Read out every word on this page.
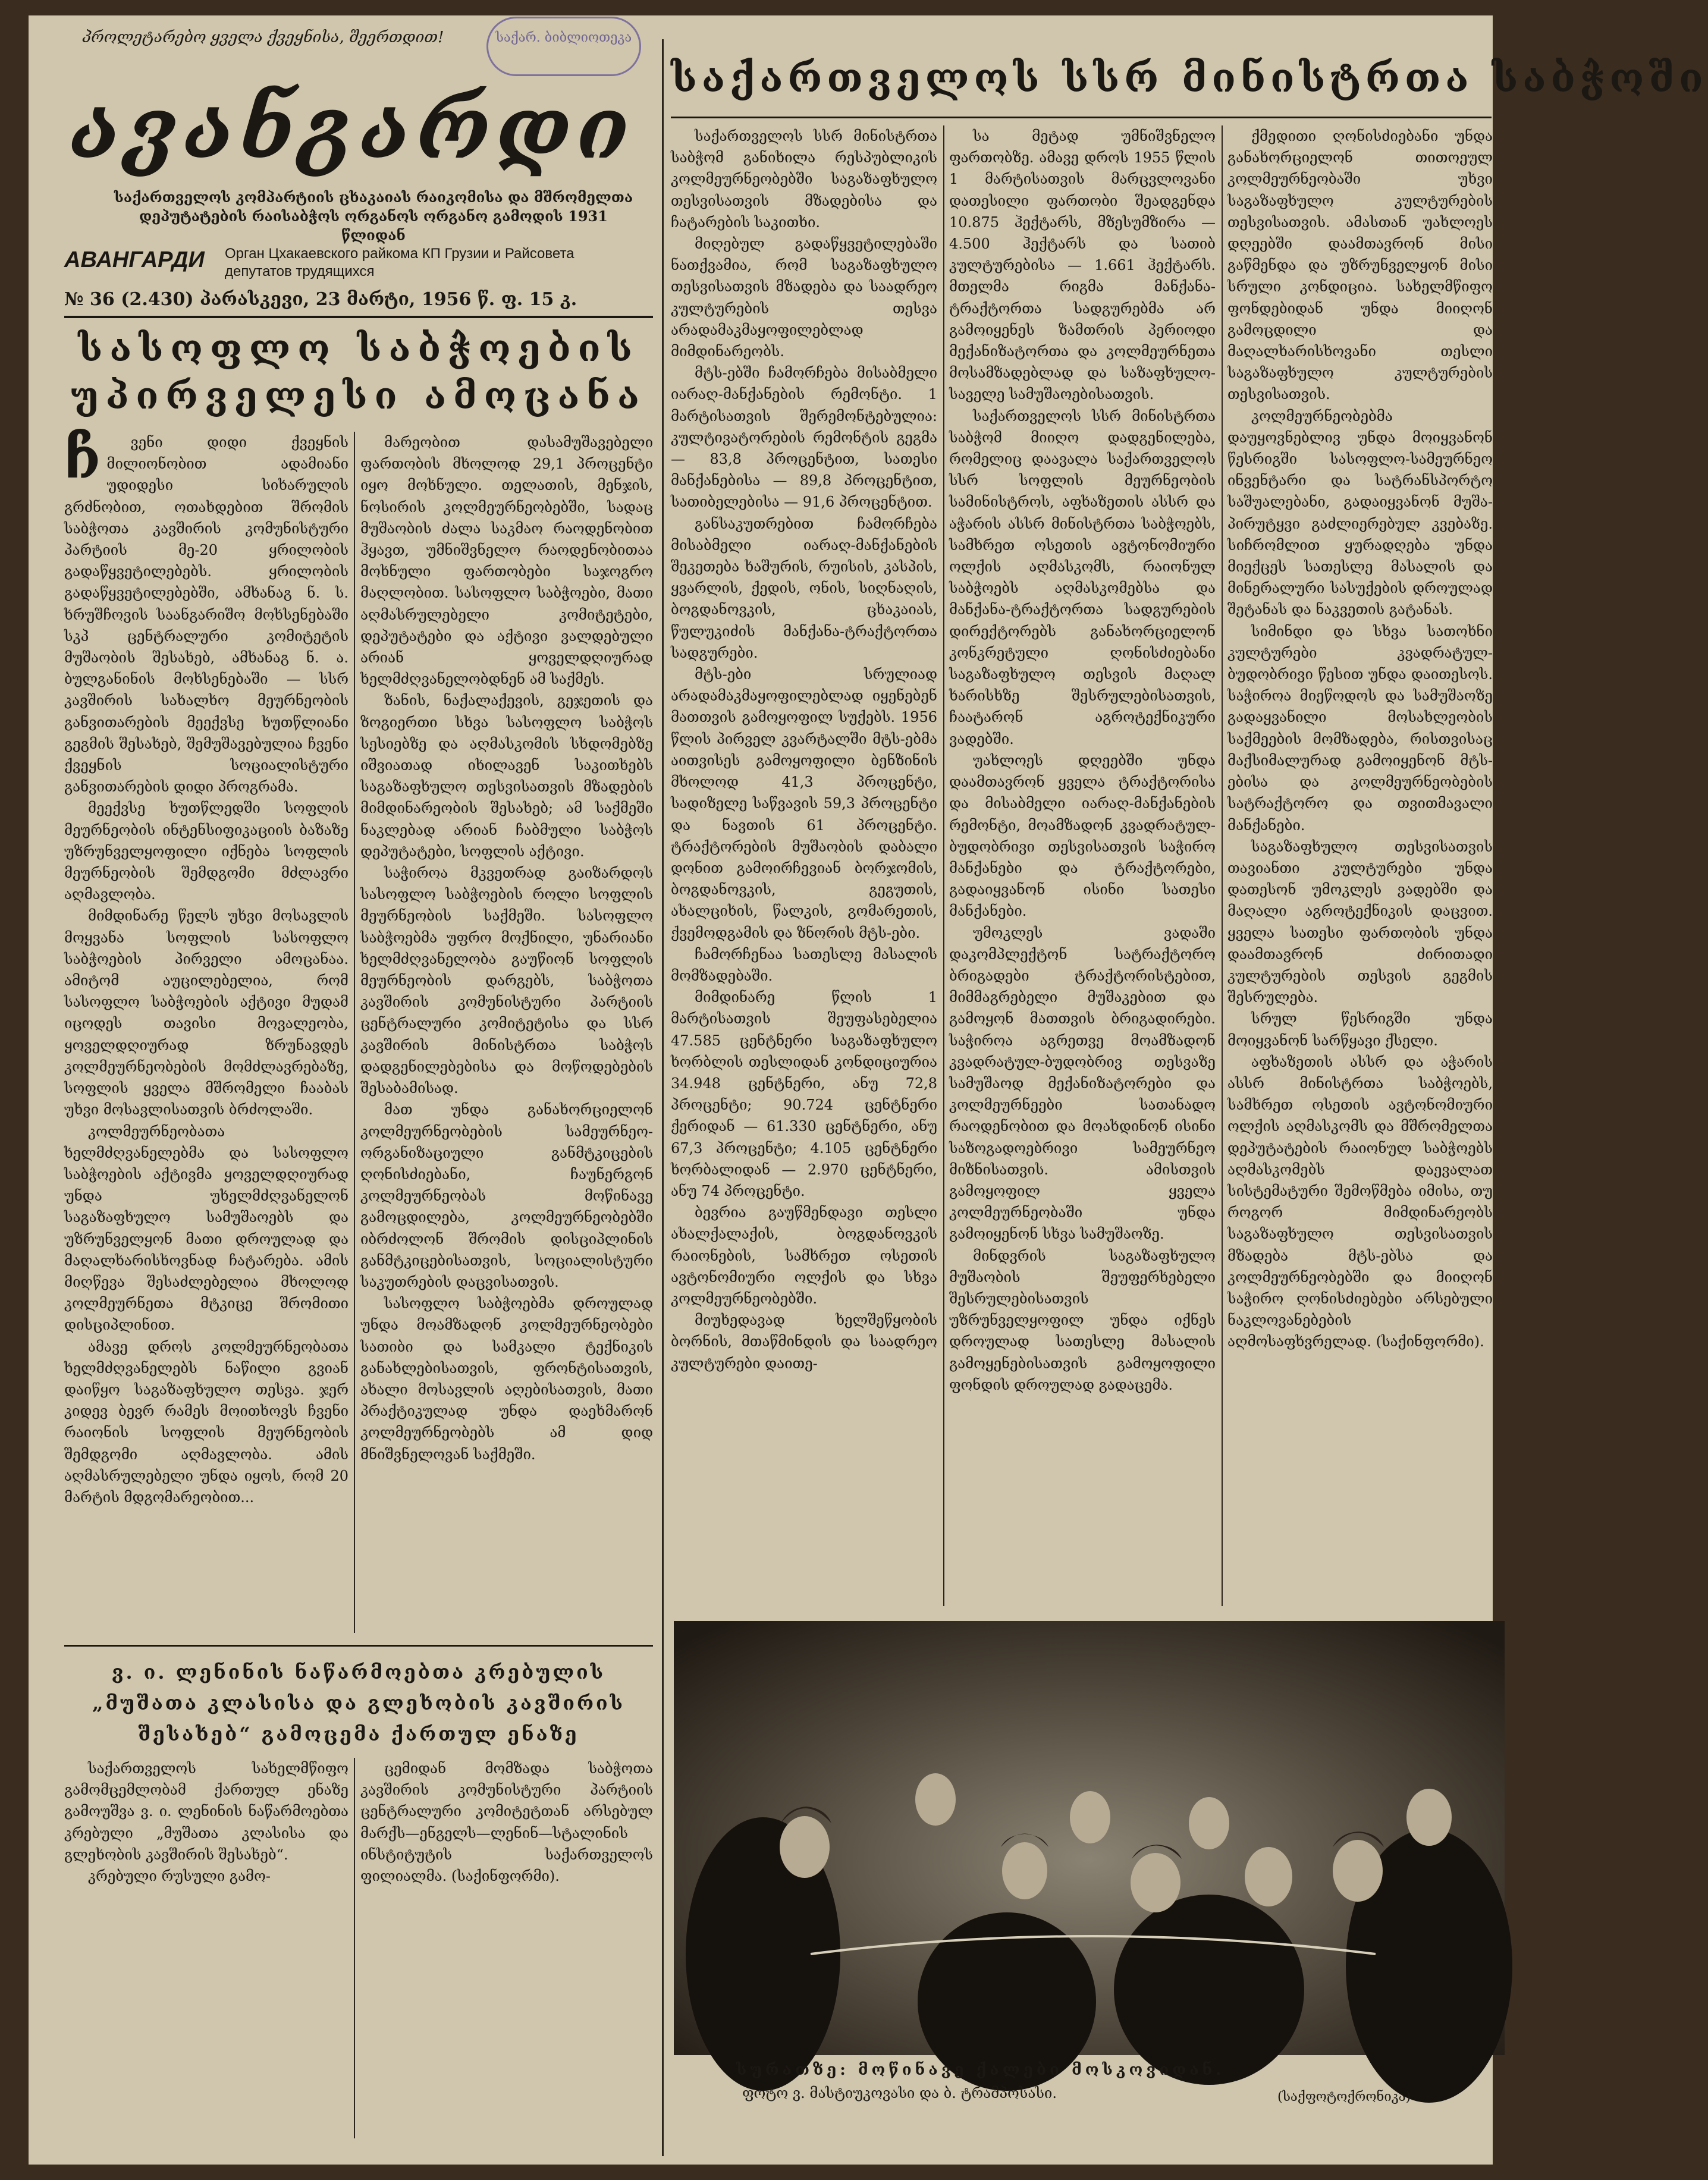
პროლეტარებო ყველა ქვეყნისა, შეერთდით!	საქარ. ბიბლიოთეკა
ავანგარდი
საქართველოს კომპარტიის ცხაკაიას რაიკომისა და მშრომელთა დეპუტატების რაისაბჭოს ორგანოს ორგანო გამოდის 1931 წლიდან
АВАНГАРДИ Орган Цхакаевского райкома КП Грузии и Райсовета депутатов трудящихся
№ 36 (2.430) პარასკევი, 23 მარტი, 1956 წ. ფ. 15 კ.
სასოფლო საბჭოების უპირველესი ამოცანა
ჩ	ვენი დიდი ქვეყნის მილიონობით ადამიანი უდიდესი სიხარულის გრძნობით, ოთახდებით შრომის საბჭოთა კავშირის კომუნისტური პარტიის მე-20 ყრილობის გადაწყვეტილებებს. ყრილობის გადაწყვეტილებებში, ამხანაგ ნ. ს. ხრუშჩოვის საანგარიშო მოხსენებაში სკპ ცენტრალური კომიტეტის მუშაობის შესახებ, ამხანაგ ნ. ა. ბულგანინის მოხსენებაში — სსრ კავშირის სახალხო მეურნეობის განვითარების მეექვსე ხუთწლიანი გეგმის შესახებ, შემუშავებულია ჩვენი ქვეყნის სოციალისტური განვითარების დიდი პროგრამა.

მეექვსე ხუთწლედში სოფლის მეურნეობის ინტენსიფიკაციის ბაზაზე უზრუნველყოფილი იქნება სოფლის მეურნეობის შემდგომი მძლავრი აღმავლობა.

მიმდინარე წელს უხვი მოსავლის მოყვანა სოფლის სასოფლო საბჭოების პირველი ამოცანაა. ამიტომ აუცილებელია, რომ სასოფლო საბჭოების აქტივი მუდამ იცოდეს თავისი მოვალეობა, ყოველდღიურად ზრუნავდეს კოლმეურნეობების მომძლავრებაზე, სოფლის ყველა მშრომელი ჩააბას უხვი მოსავლისათვის ბრძოლაში.

კოლმეურნეობათა ხელმძღვანელებმა და სასოფლო საბჭოების აქტივმა ყოველდღიურად უნდა უხელმძღვანელონ საგაზაფხულო სამუშაოებს და უზრუნველყონ მათი დროულად და მაღალხარისხოვნად ჩატარება. ამის მიღწევა შესაძლებელია მხოლოდ კოლმეურნეთა მტკიცე შრომითი დისციპლინით.

ამავე დროს კოლმეურნეობათა ხელმძღვანელებს ნაწილი გვიან დაიწყო საგაზაფხულო თესვა. ჯერ კიდევ ბევრ რამეს მოითხოვს ჩვენი რაიონის სოფლის მეურნეობის შემდგომი აღმავლობა. ამის აღმასრულებელი უნდა იყოს, რომ 20 მარტის მდგომარეობით...

მარეობით დასამუშავებელი ფართობის მხოლოდ 29,1 პროცენტი იყო მოხნული. თელათის, მენჯის, ნოსირის კოლმეურნეობებში, სადაც მუშაობის ძალა საკმაო რაოდენობით ჰყავთ, უმნიშვნელო რაოდენობითაა მოხნული ფართობები საჯოგრო მაღლობით. სასოფლო საბჭოები, მათი აღმასრულებელი კომიტეტები, დეპუტატები და აქტივი ვალდებული არიან ყოველდღიურად ხელმძღვანელობდნენ ამ საქმეს.

ზანის, ნაქალაქევის, გეჯეთის და ზოგიერთი სხვა სასოფლო საბჭოს სესიებზე და აღმასკომის სხდომებზე იშვიათად იხილავენ საკითხებს საგაზაფხულო თესვისათვის მზადების მიმდინარეობის შესახებ; ამ საქმეში ნაკლებად არიან ჩაბმული საბჭოს დეპუტატები, სოფლის აქტივი.

საჭიროა მკვეთრად გაიზარდოს სასოფლო საბჭოების როლი სოფლის მეურნეობის საქმეში. სასოფლო საბჭოებმა უფრო მოქნილი, უნარიანი ხელმძღვანელობა გაუწიონ სოფლის მეურნეობის დარგებს, საბჭოთა კავშირის კომუნისტური პარტიის ცენტრალური კომიტეტისა და სსრ კავშირის მინისტრთა საბჭოს დადგენილებებისა და მოწოდებების შესაბამისად.

მათ უნდა განახორციელონ კოლმეურნეობების სამეურნეო-ორგანიზაციული განმტკიცების ღონისძიებანი, ჩაუნერგონ კოლმეურნეობას მოწინავე გამოცდილება, კოლმეურნეობებში იბრძოლონ შრომის დისციპლინის განმტკიცებისათვის, სოციალისტური საკუთრების დაცვისათვის.

სასოფლო საბჭოებმა დროულად უნდა მოამზადონ კოლმეურნეობები სათიბი და სამკალი ტექნიკის განახლებისათვის, ფრონტისათვის, ახალი მოსავლის აღებისათვის, მათი პრაქტიკულად უნდა დაეხმარონ კოლმეურნეობებს ამ დიდ მნიშვნელოვან საქმეში.

ვ. ი. ლენინის ნაწარმოებთა კრებულის „მუშათა კლასისა და გლეხობის კავშირის შესახებ“ გამოცემა ქართულ ენაზე

საქართველოს სახელმწიფო გამომცემლობამ ქართულ ენაზე გამოუშვა ვ. ი. ლენინის ნაწარმოებთა კრებული „მუშათა კლასისა და გლეხობის კავშირის შესახებ“.

კრებული რუსული გამო-

ცემიდან მომზადა საბჭოთა კავშირის კომუნისტური პარტიის ცენტრალური კომიტეტთან არსებულ მარქს—ენგელს—ლენინ—სტალინის ინსტიტუტის საქართველოს ფილიალმა. (საქინფორმი).

საქართველოს სსრ მინისტრთა საბჭოში

საქართველოს სსრ მინისტრთა საბჭომ განიხილა რესპუბლიკის კოლმეურნეობებში საგაზაფხულო თესვისათვის მზადებისა და ჩატარების საკითხი.

მიღებულ გადაწყვეტილებაში ნათქვამია, რომ საგაზაფხულო თესვისათვის მზადება და საადრეო კულტურების თესვა არადამაკმაყოფილებლად მიმდინარეობს.

მტს-ებში ჩამორჩება მისაბმელი იარაღ-მანქანების რემონტი. 1 მარტისათვის შერემონტებულია: კულტივატორების რემონტის გეგმა — 83,8 პროცენტით, სათესი მანქანებისა — 89,8 პროცენტით, სათიბელებისა — 91,6 პროცენტით.

განსაკუთრებით ჩამორჩება მისაბმელი იარაღ-მანქანების შეკეთება ხაშურის, რუისის, კასპის, ყვარლის, ქედის, ონის, სიღნაღის, ბოგდანოვკის, ცხაკაიას, წულუკიძის მანქანა-ტრაქტორთა სადგურები.

მტს-ები სრულიად არადამაკმაყოფილებლად იყენებენ მათთვის გამოყოფილ სუქებს. 1956 წლის პირველ კვარტალში მტს-ებმა აითვისეს გამოყოფილი ბენზინის მხოლოდ 41,3 პროცენტი, სადიზელე საწვავის 59,3 პროცენტი და ნავთის 61 პროცენტი. ტრაქტორების მუშაობის დაბალი დონით გამოირჩევიან ბორჯომის, ბოგდანოვკის, გეგუთის, ახალციხის, წალკის, გომარეთის, ქვემოდგამის და ზნორის მტს-ები.

ჩამორჩენაა სათესლე მასალის მომზადებაში.

მიმდინარე წლის 1 მარტისათვის შეუფასებელია 47.585 ცენტნერი საგაზაფხულო ხორბლის თესლიდან კონდიციურია 34.948 ცენტნერი, ანუ 72,8 პროცენტი; 90.724 ცენტნერი ქერიდან — 61.330 ცენტნერი, ანუ 67,3 პროცენტი; 4.105 ცენტნერი ხორბალიდან — 2.970 ცენტნერი, ანუ 74 პროცენტი.

ბევრია გაუწმენდავი თესლი ახალქალაქის, ბოგდანოვკის რაიონების, სამხრეთ ოსეთის ავტონომიური ოლქის და სხვა კოლმეურნეობებში.

მიუხედავად ხელშეწყობის ბორნის, მთაწმინდის და საადრეო კულტურები დაითე-

სა მეტად უმნიშვნელო ფართობზე. ამავე დროს 1955 წლის 1 მარტისათვის მარცვლოვანი დათესილი ფართობი შეადგენდა 10.875 ჰექტარს, მზესუმზირა — 4.500 ჰექტარს და სათიბ კულტურებისა — 1.661 ჰექტარს. მთელმა რიგმა მანქანა-ტრაქტორთა სადგურებმა არ გამოიყენეს ზამთრის პერიოდი მექანიზატორთა და კოლმეურნეთა მოსამზადებლად და საზაფხულო-საველე სამუშაოებისათვის.

საქართველოს სსრ მინისტრთა საბჭომ მიიღო დადგენილება, რომელიც დაავალა საქართველოს სსრ სოფლის მეურნეობის სამინისტროს, აფხაზეთის ასსრ და აჭარის ასსრ მინისტრთა საბჭოებს, სამხრეთ ოსეთის ავტონომიური ოლქის აღმასკომს, რაიონულ საბჭოებს აღმასკომებსა და მანქანა-ტრაქტორთა სადგურების დირექტორებს განახორციელონ კონკრეტული ღონისძიებანი საგაზაფხულო თესვის მაღალ ხარისხზე შესრულებისათვის, ჩაატარონ აგროტექნიკური ვადებში.

უახლოეს დღეებში უნდა დაამთავრონ ყველა ტრაქტორისა და მისაბმელი იარაღ-მანქანების რემონტი, მოამზადონ კვადრატულ-ბუდობრივი თესვისათვის საჭირო მანქანები და ტრაქტორები, გადაიყვანონ ისინი სათესი მანქანები.

უმოკლეს ვადაში დაკომპლექტონ სატრაქტორო ბრიგადები ტრაქტორისტებით, მიმმაგრებელი მუშაკებით და გამოყონ მათთვის ბრიგადირები. საჭიროა აგრეთვე მოამზადონ კვადრატულ-ბუდობრივ თესვაზე სამუშაოდ მექანიზატორები და კოლმეურნეები სათანადო რაოდენობით და მოახდინონ ისინი საზოგადოებრივი სამეურნეო მიზნისათვის. ამისთვის გამოყოფილ ყველა კოლმეურნეობაში უნდა გამოიყენონ სხვა სამუშაოზე.

მინდვრის საგაზაფხულო მუშაობის შეუფერხებელი შესრულებისათვის უზრუნველყოფილ უნდა იქნეს დროულად სათესლე მასალის გამოყენებისათვის გამოყოფილი ფონდის დროულად გადაცემა.

ქმედითი ღონისძიებანი უნდა განახორციელონ თითოეულ კოლმეურნეობაში უხვი საგაზაფხულო კულტურების თესვისათვის. ამასთან უახლოეს დღეებში დაამთავრონ მისი გაწმენდა და უზრუნველყონ მისი სრული კონდიცია. სახელმწიფო ფონდებიდან უნდა მიიღონ გამოცდილი და მაღალხარისხოვანი თესლი საგაზაფხულო კულტურების თესვისათვის.

კოლმეურნეობებმა დაუყოვნებლივ უნდა მოიყვანონ წესრიგში სასოფლო-სამეურნეო ინვენტარი და სატრანსპორტო საშუალებანი, გადაიყვანონ მუშა-პირუტყვი გაძლიერებულ კვებაზე. სიჩრომლით ყურადღება უნდა მიექცეს სათესლე მასალის და მინერალური სასუქების დროულად შეტანას და ნაკვეთის გატანას.

სიმინდი და სხვა სათოხნი კულტურები კვადრატულ-ბუდობრივი წესით უნდა დაითესოს. საჭიროა მიეწოდოს და სამუშაოზე გადაყვანილი მოსახლეობის საქმეების მომზადება, რისთვისაც მაქსიმალურად გამოიყენონ მტს-ებისა და კოლმეურნეობების სატრაქტორო და თვითმავალი მანქანები.

საგაზაფხულო თესვისათვის თავიანთი კულტურები უნდა დათესონ უმოკლეს ვადებში და მაღალი აგროტექნიკის დაცვით. ყველა სათესი ფართობის უნდა დაამთავრონ ძირითადი კულტურების თესვის გეგმის შესრულება.

სრულ წესრიგში უნდა მოიყვანონ სარწყავი ქსელი.

აფხაზეთის ასსრ და აჭარის ასსრ მინისტრთა საბჭოებს, სამხრეთ ოსეთის ავტონომიური ოლქის აღმასკომს და მშრომელთა დეპუტატების რაიონულ საბჭოებს აღმასკომებს დაევალათ სისტემატური შემოწმება იმისა, თუ როგორ მიმდინარეობს საგაზაფხულო თესვისათვის მზადება მტს-ებსა და კოლმეურნეობებში და მიიღონ საჭირო ღონისძიებები არსებული ნაკლოვანებების აღმოსაფხვრელად. (საქინფორმი).

სურათზე: მოწინავე ქალები მოსკოვიდან.
ფოტო ვ. მასტიუკოვასი და ბ. ტრამპოსასი.	(საქფოტოქრონიკა)
